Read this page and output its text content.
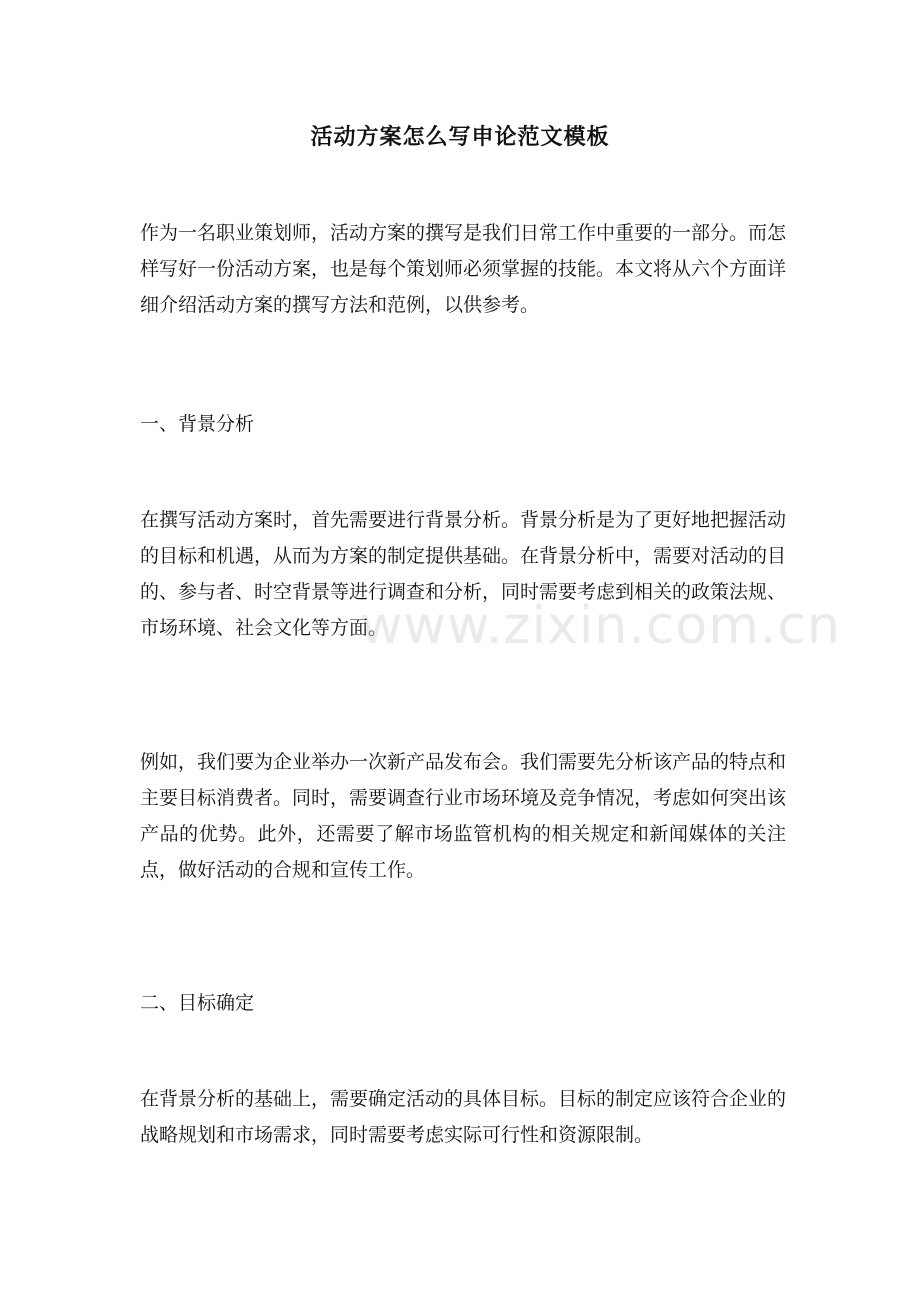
活动方案怎么写申论范文模板

作为一名职业策划师，活动方案的撰写是我们日常工作中重要的一部分。而怎样写好一份活动方案，也是每个策划师必须掌握的技能。本文将从六个方面详细介绍活动方案的撰写方法和范例，以供参考。

一、背景分析

在撰写活动方案时，首先需要进行背景分析。背景分析是为了更好地把握活动的目标和机遇，从而为方案的制定提供基础。在背景分析中，需要对活动的目的、参与者、时空背景等进行调查和分析，同时需要考虑到相关的政策法规、市场环境、社会文化等方面。

例如，我们要为企业举办一次新产品发布会。我们需要先分析该产品的特点和主要目标消费者。同时，需要调查行业市场环境及竞争情况，考虑如何突出该产品的优势。此外，还需要了解市场监管机构的相关规定和新闻媒体的关注点，做好活动的合规和宣传工作。

二、目标确定

在背景分析的基础上，需要确定活动的具体目标。目标的制定应该符合企业的战略规划和市场需求，同时需要考虑实际可行性和资源限制。

www.zixin.com.cn
